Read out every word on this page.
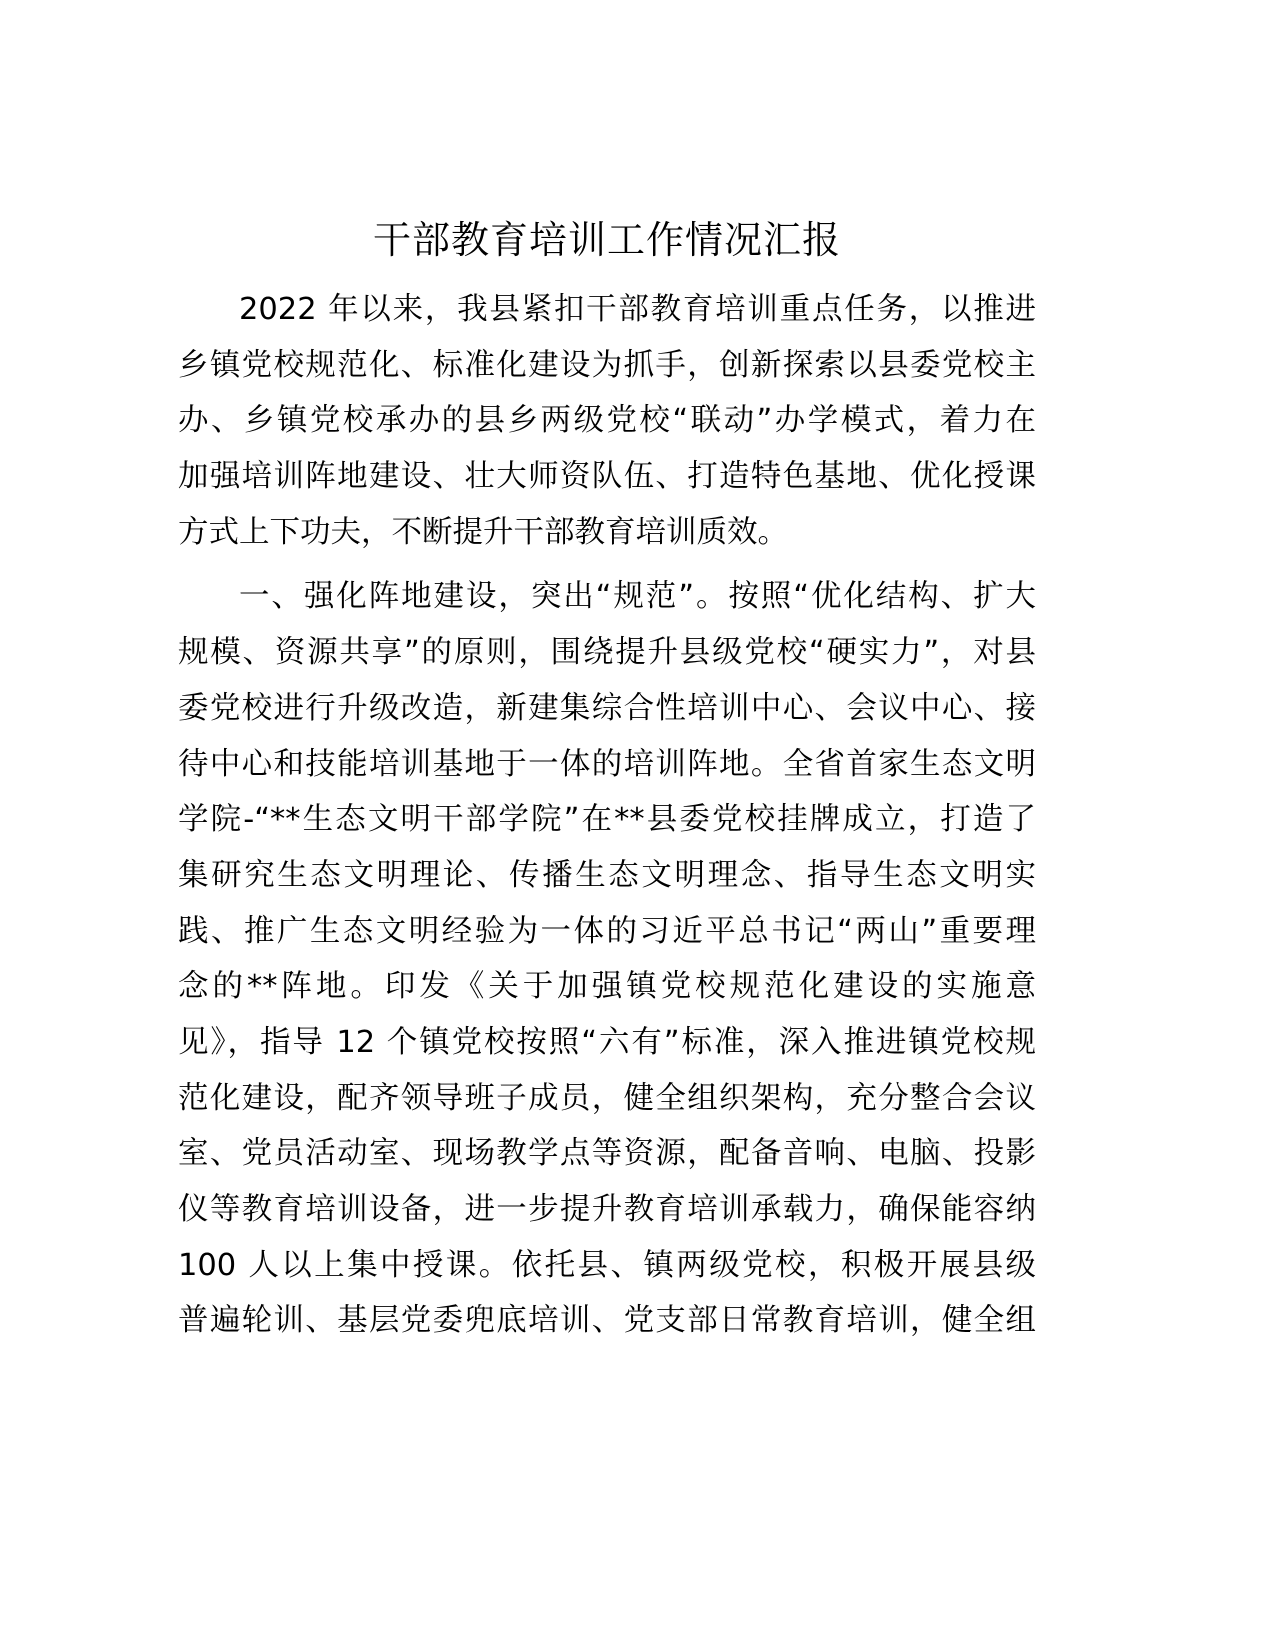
干部教育培训工作情况汇报
2022 年以来，我县紧扣干部教育培训重点任务，以推进
乡镇党校规范化、标准化建设为抓手，创新探索以县委党校主
办、乡镇党校承办的县乡两级党校“联动”办学模式，着力在
加强培训阵地建设、壮大师资队伍、打造特色基地、优化授课
方式上下功夫，不断提升干部教育培训质效。
一、强化阵地建设，突出“规范”。按照“优化结构、扩大
规模、资源共享”的原则，围绕提升县级党校“硬实力”，对县
委党校进行升级改造，新建集综合性培训中心、会议中心、接
待中心和技能培训基地于一体的培训阵地。全省首家生态文明
学院-“**生态文明干部学院”在**县委党校挂牌成立，打造了
集研究生态文明理论、传播生态文明理念、指导生态文明实
践、推广生态文明经验为一体的习近平总书记“两山”重要理
念的**阵地。印发《关于加强镇党校规范化建设的实施意
见》，指导 12 个镇党校按照“六有”标准，深入推进镇党校规
范化建设，配齐领导班子成员，健全组织架构，充分整合会议
室、党员活动室、现场教学点等资源，配备音响、电脑、投影
仪等教育培训设备，进一步提升教育培训承载力，确保能容纳
100 人以上集中授课。依托县、镇两级党校，积极开展县级
普遍轮训、基层党委兜底培训、党支部日常教育培训，健全组
